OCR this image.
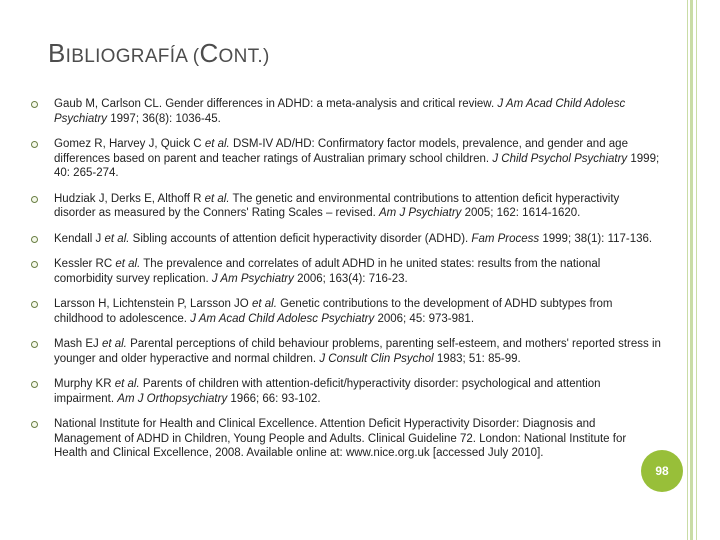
BIBLIOGRAFÍA (CONT.)
Gaub M, Carlson CL. Gender differences in ADHD: a meta-analysis and critical review. J Am Acad Child Adolesc Psychiatry 1997; 36(8): 1036-45.
Gomez R, Harvey J, Quick C et al. DSM-IV AD/HD: Confirmatory factor models, prevalence, and gender and age differences based on parent and teacher ratings of Australian primary school children. J Child Psychol Psychiatry 1999; 40: 265-274.
Hudziak J, Derks E, Althoff R et al. The genetic and environmental contributions to attention deficit hyperactivity disorder as measured by the Conners' Rating Scales – revised. Am J Psychiatry 2005; 162: 1614-1620.
Kendall J et al. Sibling accounts of attention deficit hyperactivity disorder (ADHD). Fam Process 1999; 38(1): 117-136.
Kessler RC et al. The prevalence and correlates of adult ADHD in he united states: results from the national comorbidity survey replication. J Am Psychiatry 2006; 163(4): 716-23.
Larsson H, Lichtenstein P, Larsson JO et al. Genetic contributions to the development of ADHD subtypes from childhood to adolescence. J Am Acad Child Adolesc Psychiatry 2006; 45: 973-981.
Mash EJ et al. Parental perceptions of child behaviour problems, parenting self-esteem, and mothers' reported stress in younger and older hyperactive and normal children. J Consult Clin Psychol 1983; 51: 85-99.
Murphy KR et al. Parents of children with attention-deficit/hyperactivity disorder: psychological and attention impairment. Am J Orthopsychiatry 1966; 66: 93-102.
National Institute for Health and Clinical Excellence. Attention Deficit Hyperactivity Disorder: Diagnosis and Management of ADHD in Children, Young People and Adults. Clinical Guideline 72. London: National Institute for Health and Clinical Excellence, 2008. Available online at: www.nice.org.uk [accessed July 2010].
98
